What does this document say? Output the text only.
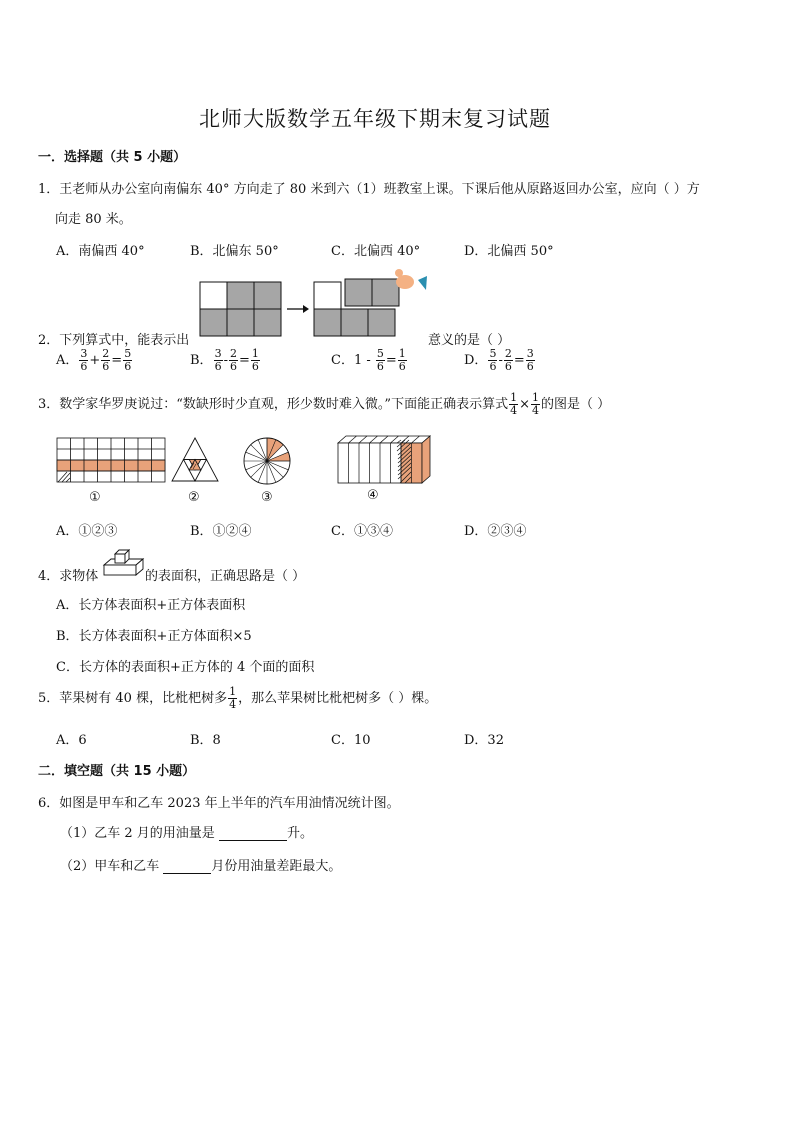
北师大版数学五年级下期末复习试题
一．选择题（共 5 小题）
1．王老师从办公室向南偏东 40° 方向走了 80 米到六（1）班教室上课。下课后他从原路返回办公室，应向（ ）方
向走 80 米。
A．南偏西 40°	B．北偏东 50°	C．北偏西 40°	D．北偏西 50°
2．下列算式中，能表示出	意义的是（ ）
A． $\frac{3}{6} + \frac{2}{6} = \frac{5}{6}$	B． $\frac{3}{6} - \frac{2}{6} = \frac{1}{6}$	C．$1 - \frac{5}{6} = \frac{1}{6}$	D． $\frac{5}{6} - \frac{2}{6} = \frac{3}{6}$
3．数学家华罗庚说过：“数缺形时少直观，形少数时难入微。”下面能正确表示算式 $\frac{1}{4} \times \frac{1}{4}$ 的图是（ ）
①	②	③	④
A．①②③	B．①②④	C．①③④	D．②③④
4．求物体	的表面积，正确思路是（ ）
A．长方体表面积+正方体表面积
B．长方体表面积+正方体面积×5
C．长方体的表面积+正方体的 4 个面的面积
5．苹果树有 40 棵，比枇杷树多 $\frac{1}{4}$ ，那么苹果树比枇杷树多（ ）棵。
A．6	B．8	C．10	D．32
二．填空题（共 15 小题）
6．如图是甲车和乙车 2023 年上半年的汽车用油情况统计图。
（1）乙车 2 月的用油量是	升。
（2）甲车和乙车	月份用油量差距最大。
